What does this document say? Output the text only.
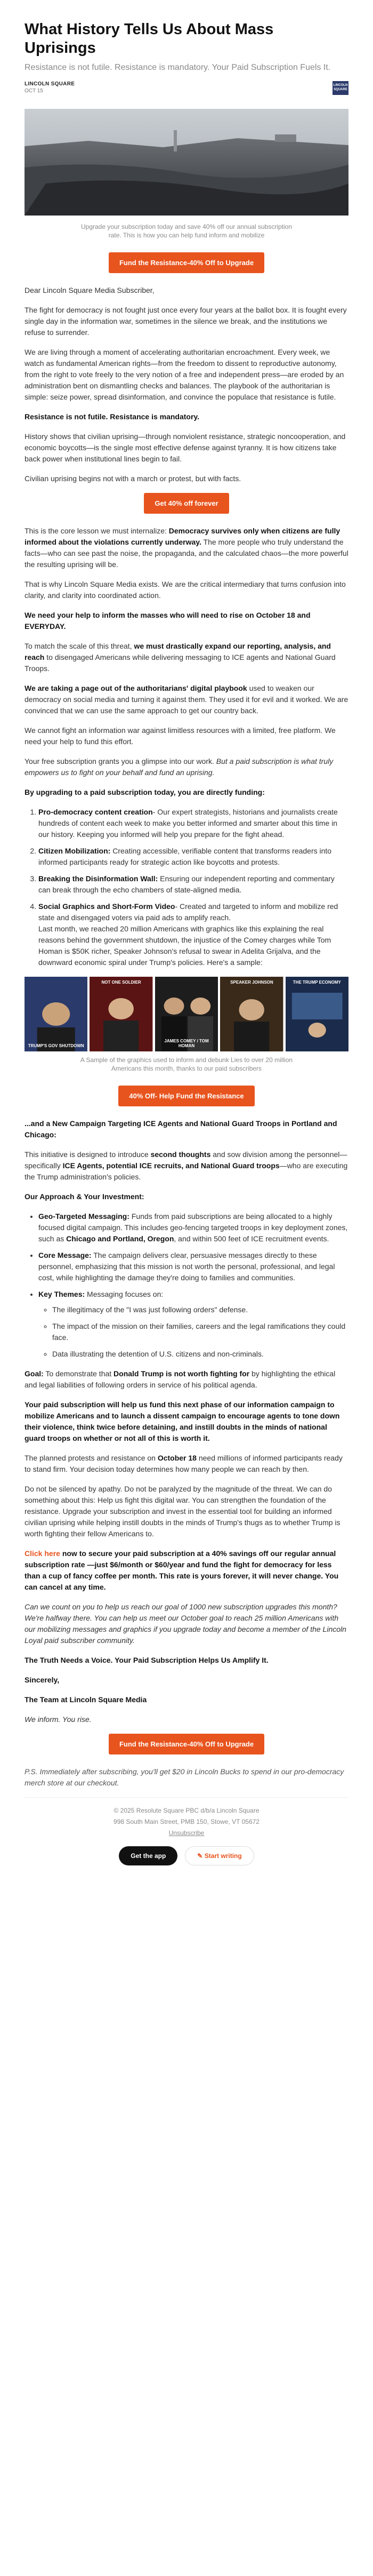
What History Tells Us About Mass Uprisings
Resistance is not futile. Resistance is mandatory. Your Paid Subscription Fuels It.
LINCOLN SQUARE
OCT 15
LINCOLN SQUARE
Upgrade your subscription today and save 40% off our annual subscription rate. This is how you can help fund inform and mobilize
Fund the Resistance-40% Off to Upgrade

Dear Lincoln Square Media Subscriber,

The fight for democracy is not fought just once every four years at the ballot box. It is fought every single day in the information war, sometimes in the silence we break, and the institutions we refuse to surrender.

We are living through a moment of accelerating authoritarian encroachment. Every week, we watch as fundamental American rights—from the freedom to dissent to reproductive autonomy, from the right to vote freely to the very notion of a free and independent press—are eroded by an administration bent on dismantling checks and balances. The playbook of the authoritarian is simple: seize power, spread disinformation, and convince the populace that resistance is futile.

Resistance is not futile. Resistance is mandatory.

History shows that civilian uprising—through nonviolent resistance, strategic noncooperation, and economic boycotts—is the single most effective defense against tyranny. It is how citizens take back power when institutional lines begin to fail.

Civilian uprising begins not with a march or protest, but with facts.

Get 40% off forever

This is the core lesson we must internalize: Democracy survives only when citizens are fully informed about the violations currently underway. The more people who truly understand the facts—who can see past the noise, the propaganda, and the calculated chaos—the more powerful the resulting uprising will be.

That is why Lincoln Square Media exists. We are the critical intermediary that turns confusion into clarity, and clarity into coordinated action.

We need your help to inform the masses who will need to rise on October 18 and EVERYDAY.

To match the scale of this threat, we must drastically expand our reporting, analysis, and reach to disengaged Americans while delivering messaging to ICE agents and National Guard Troops.

We are taking a page out of the authoritarians' digital playbook used to weaken our democracy on social media and turning it against them. They used it for evil and it worked. We are convinced that we can use the same approach to get our country back.

We cannot fight an information war against limitless resources with a limited, free platform. We need your help to fund this effort.

Your free subscription grants you a glimpse into our work. But a paid subscription is what truly empowers us to fight on your behalf and fund an uprising.

By upgrading to a paid subscription today, you are directly funding:

1. Pro-democracy content creation- Our expert strategists, historians and journalists create hundreds of content each week to make you better informed and smarter about this time in our history. Keeping you informed will help you prepare for the fight ahead.
2. Citizen Mobilization: Creating accessible, verifiable content that transforms readers into informed participants ready for strategic action like boycotts and protests.
3. Breaking the Disinformation Wall: Ensuring our independent reporting and commentary can break through the echo chambers of state-aligned media.
4. Social Graphics and Short-Form Video- Created and targeted to inform and mobilize red state and disengaged voters via paid ads to amplify reach.
Last month, we reached 20 million Americans with graphics like this explaining the real reasons behind the government shutdown, the injustice of the Comey charges while Tom Homan is $50K richer, Speaker Johnson's refusal to swear in Adelita Grijalva, and the downward economic spiral under Trump's policies. Here's a sample:
TRUMP'S GOV SHUTDOWN
NOT ONE SOLDIER
JAMES COMEY / TOM HOMAN
SPEAKER JOHNSON	THE TRUMP ECONOMY
A Sample of the graphics used to inform and debunk Lies to over 20 million Americans this month, thanks to our paid subscribers
40% Off- Help Fund the Resistance

...and a New Campaign Targeting ICE Agents and National Guard Troops in Portland and Chicago:

This initiative is designed to introduce second thoughts and sow division among the personnel—specifically ICE Agents, potential ICE recruits, and National Guard troops—who are executing the Trump administration's policies.

Our Approach & Your Investment:

• Geo-Targeted Messaging: Funds from paid subscriptions are being allocated to a highly focused digital campaign. This includes geo-fencing targeted troops in key deployment zones, such as Chicago and Portland, Oregon, and within 500 feet of ICE recruitment events.
• Core Message: The campaign delivers clear, persuasive messages directly to these personnel, emphasizing that this mission is not worth the personal, professional, and legal cost, while highlighting the damage they're doing to families and communities.
• Key Themes: Messaging focuses on:
◦ The illegitimacy of the "I was just following orders" defense.
◦ The impact of the mission on their families, careers and the legal ramifications they could face.
◦ Data illustrating the detention of U.S. citizens and non-criminals.

Goal: To demonstrate that Donald Trump is not worth fighting for by highlighting the ethical and legal liabilities of following orders in service of his political agenda.

Your paid subscription will help us fund this next phase of our information campaign to mobilize Americans and to launch a dissent campaign to encourage agents to tone down their violence, think twice before detaining, and instill doubts in the minds of national guard troops on whether or not all of this is worth it.

The planned protests and resistance on October 18 need millions of informed participants ready to stand firm. Your decision today determines how many people we can reach by then.

Do not be silenced by apathy. Do not be paralyzed by the magnitude of the threat. We can do something about this: Help us fight this digital war. You can strengthen the foundation of the resistance. Upgrade your subscription and invest in the essential tool for building an informed civilian uprising while helping instill doubts in the minds of Trump's thugs as to whether Trump is worth fighting their fellow Americans to.

Click here now to secure your paid subscription at a 40% savings off our regular annual subscription rate —just $6/month or $60/year and fund the fight for democracy for less than a cup of fancy coffee per month. This rate is yours forever, it will never change. You can cancel at any time.

Can we count on you to help us reach our goal of 1000 new subscription upgrades this month? We're halfway there. You can help us meet our October goal to reach 25 million Americans with our mobilizing messages and graphics if you upgrade today and become a member of the Lincoln Loyal paid subscriber community.

The Truth Needs a Voice. Your Paid Subscription Helps Us Amplify It.

Sincerely,

The Team at Lincoln Square Media

We inform. You rise.

Fund the Resistance-40% Off to Upgrade

P.S. Immediately after subscribing, you'll get $20 in Lincoln Bucks to spend in our pro-democracy merch store at our checkout.

© 2025 Resolute Square PBC d/b/a Lincoln Square

998 South Main Street, PMB 150, Stowe, VT 05672

Unsubscribe

Get the app	✎ Start writing
